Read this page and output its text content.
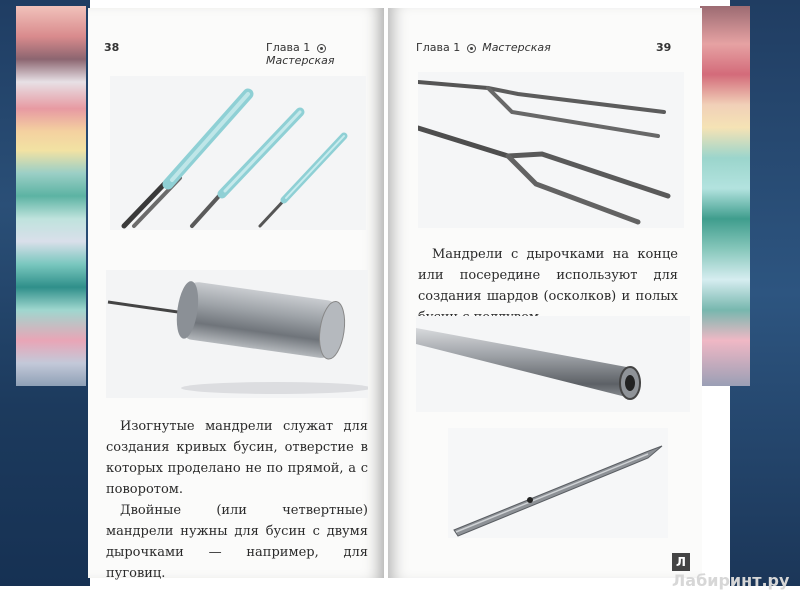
38	Глава 1  Мастерская

Изогнутые мандрели служат для создания кривых бусин, отверстие в которых проделано не по прямой, а с поворотом.

Двойные (или четвертные) мандрели нужны для бусин с двумя дырочками — например, для пуговиц.

Глава 1 Мастерская	39

Мандрели с дырочками на конце или посередине используют для создания шардов (осколков) и полых

Л Лабиринт.ру
